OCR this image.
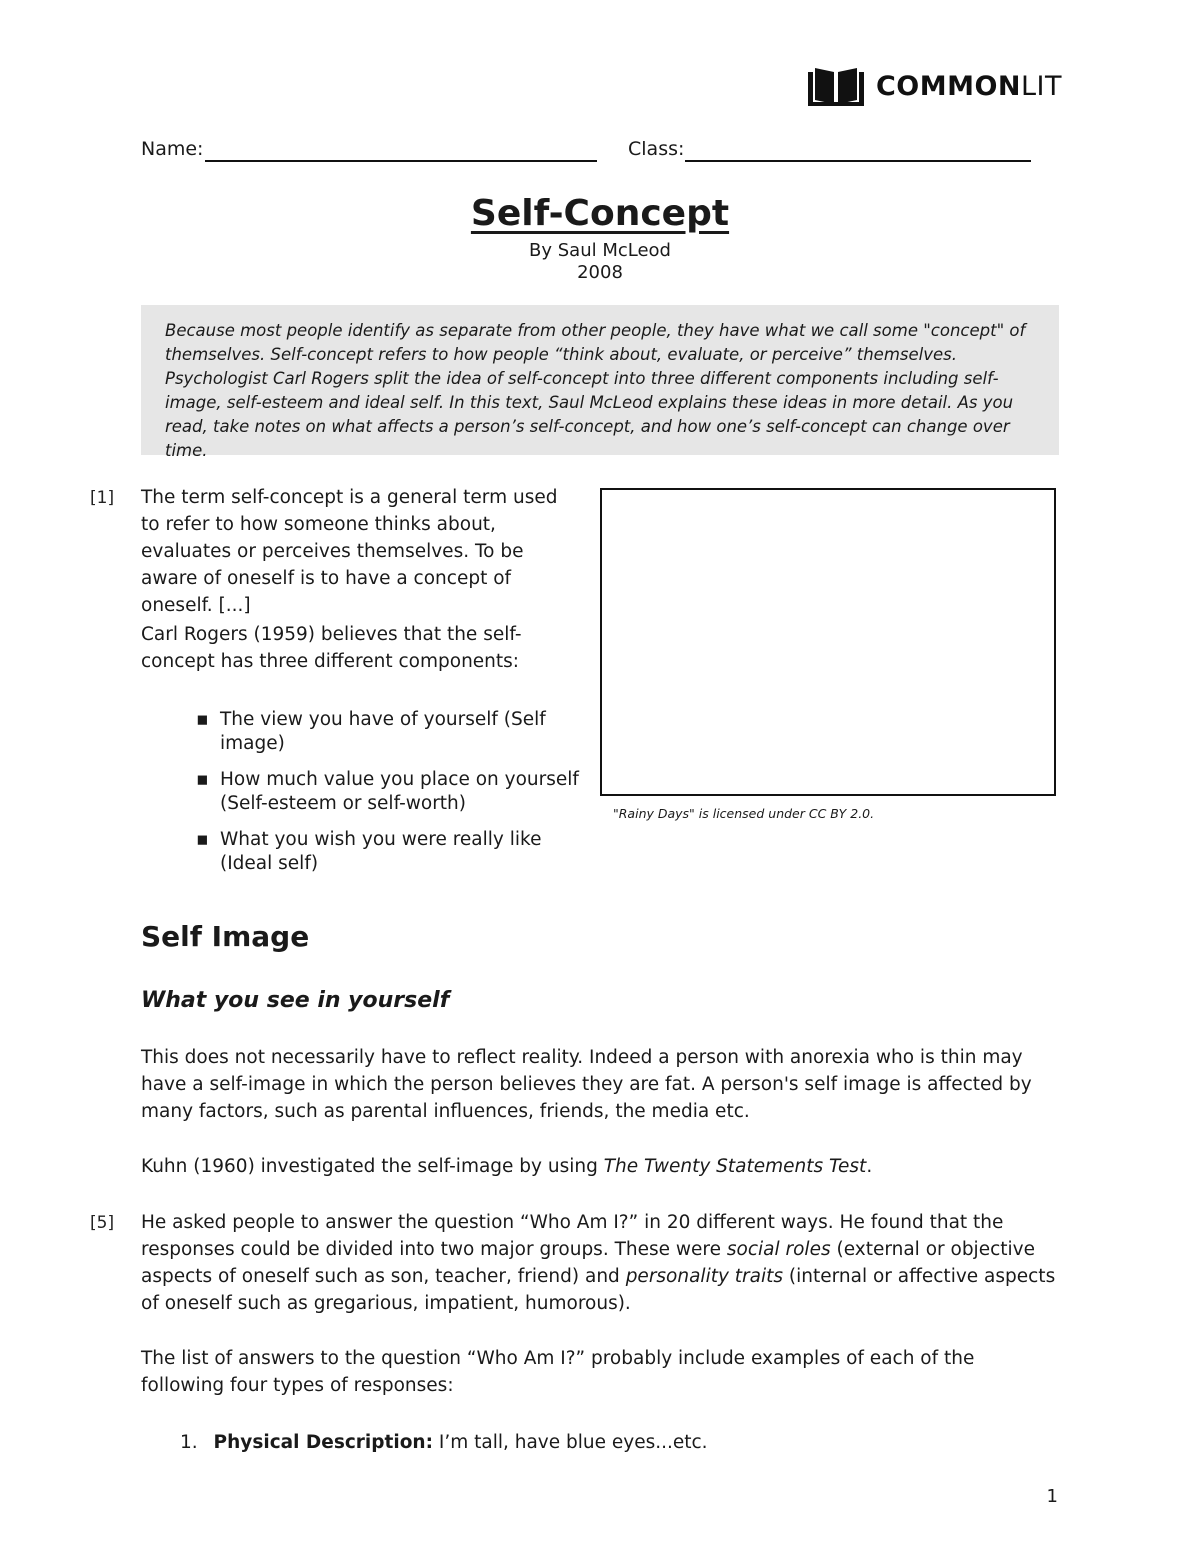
COMMONLIT
Name:	Class:
Self-Concept
By Saul McLeod
2008
Because most people identify as separate from other people, they have what we call some "concept" of themselves. Self-concept refers to how people “think about, evaluate, or perceive” themselves. Psychologist Carl Rogers split the idea of self-concept into three different components including self-image, self-esteem and ideal self. In this text, Saul McLeod explains these ideas in more detail. As you read, take notes on what affects a person’s self-concept, and how one’s self-concept can change over time.
[1] The term self-concept is a general term used to refer to how someone thinks about, evaluates or perceives themselves. To be aware of oneself is to have a concept of oneself. [...]
Carl Rogers (1959) believes that the self-concept has three different components:
▪ The view you have of yourself (Self image)
▪ How much value you place on yourself (Self-esteem or self-worth)
▪ What you wish you were really like (Ideal self)
"Rainy Days" is licensed under CC BY 2.0.
Self Image
What you see in yourself
This does not necessarily have to reflect reality. Indeed a person with anorexia who is thin may have a self-image in which the person believes they are fat. A person's self image is affected by many factors, such as parental influences, friends, the media etc.
Kuhn (1960) investigated the self-image by using The Twenty Statements Test.
[5] He asked people to answer the question “Who Am I?” in 20 different ways. He found that the responses could be divided into two major groups. These were social roles (external or objective aspects of oneself such as son, teacher, friend) and personality traits (internal or affective aspects of oneself such as gregarious, impatient, humorous).
The list of answers to the question “Who Am I?” probably include examples of each of the following four types of responses:
1. Physical Description: I’m tall, have blue eyes...etc.
1
